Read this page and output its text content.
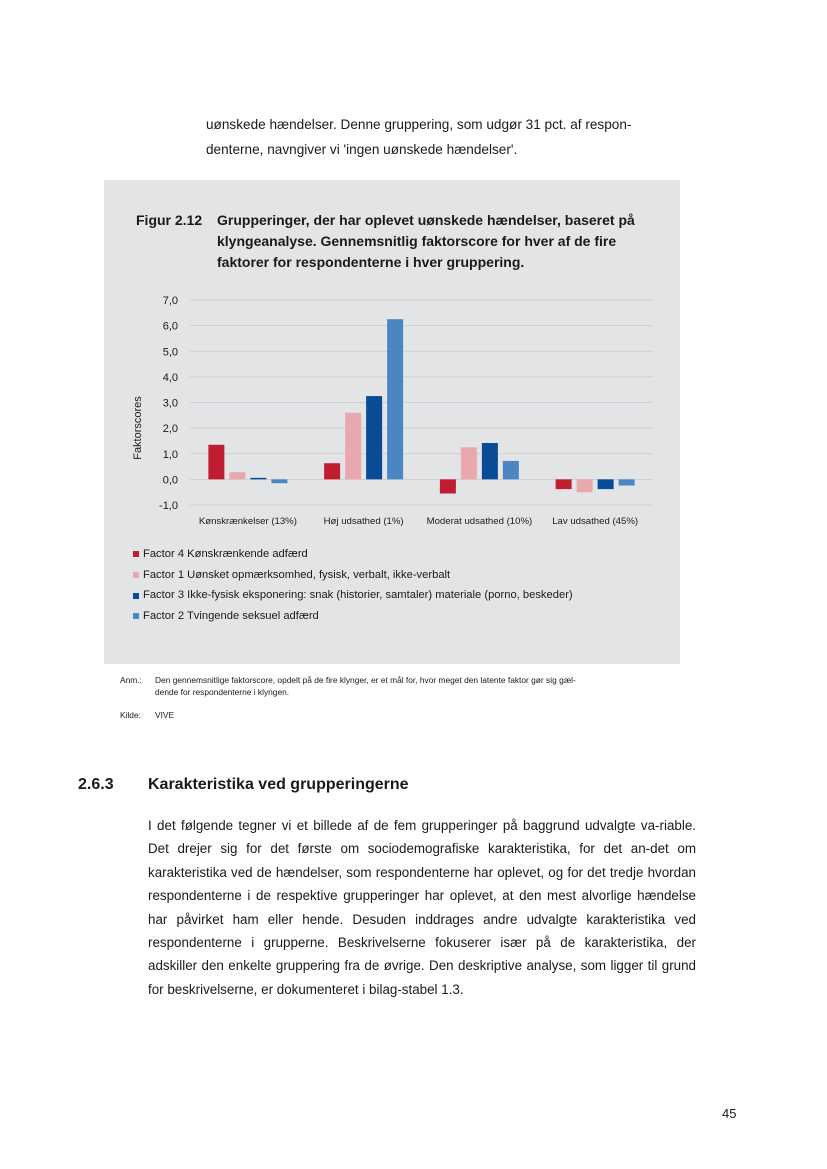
uønskede hændelser. Denne gruppering, som udgør 31 pct. af respon-

denterne, navngiver vi 'ingen uønskede hændelser'.

Figur 2.12 Grupperinger, der har oplevet uønskede hændelser, baseret på klyngeanalyse. Gennemsnitlig faktorscore for hver af de fire faktorer for respondenterne i hver gruppering.
7,0
6,0
5,0
4,0
3,0
2,0
1,0
0,0
-1,0
Kønskrænkelser (13%)	Høj udsathed (1%) Moderat udsathed (10%) Lav udsathed (45%)
Faktorscores
Factor 4 Kønskrænkende adfærd
Factor 1 Uønsket opmærksomhed, fysisk, verbalt, ikke-verbalt
Factor 3 Ikke-fysisk eksponering: snak (historier, samtaler) materiale (porno, beskeder)
Factor 2 Tvingende seksuel adfærd
Anm.: Den gennemsnitlige faktorscore, opdelt på de fire klynger, er et mål for, hvor meget den latente faktor gør sig gæl-
dende for respondenterne i klyngen.
Kilde: VIVE
2.6.3 Karakteristika ved grupperingerne
I det følgende tegner vi et billede af de fem grupperinger på baggrund udvalgte va-riable. Det drejer sig for det første om sociodemografiske karakteristika, for det an-det om karakteristika ved de hændelser, som respondenterne har oplevet, og for det tredje hvordan respondenterne i de respektive grupperinger har oplevet, at den mest alvorlige hændelse har påvirket ham eller hende. Desuden inddrages andre udvalgte karakteristika ved respondenterne i grupperne. Beskrivelserne fokuserer især på de karakteristika, der adskiller den enkelte gruppering fra de øvrige. Den deskriptive analyse, som ligger til grund for beskrivelserne, er dokumenteret i bilag-stabel 1.3.
45
